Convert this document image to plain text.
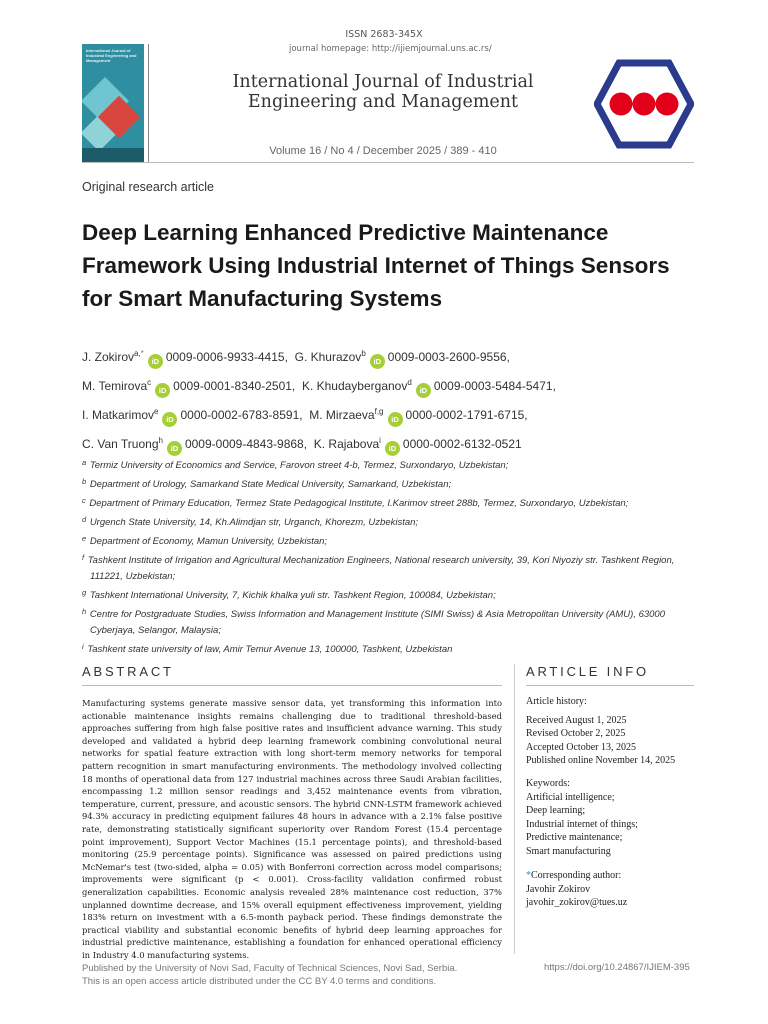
ISSN 2683-345X
International Journal of Industrial Engineering and Management
journal homepage: http://ijiemjournal.uns.ac.rs/
International Journal of Industrial
Engineering and Management
Volume 16 / No 4 / December 2025 / 389 - 410
Original research article
Deep Learning Enhanced Predictive Maintenance Framework Using Industrial Internet of Things Sensors for Smart Manufacturing Systems
J. Zokirov$^{a,*}$iD 0009-0006-9933-4415,  G. Khurazov$^b$iD 0009-0003-2600-9556,
M. Temirova$^c$iD 0009-0001-8340-2501,  K. Khudayberganov$^d$iD 0009-0003-5484-5471,
I. Matkarimov$^e$iD 0000-0002-6783-8591,  M. Mirzaeva$^{f,g}$iD 0000-0002-1791-6715,
C. Van Truong$^h$iD 0009-0009-4843-9868,  K. Rajabova$^i$iD 0000-0002-6132-0521
$^a$ Termiz University of Economics and Service, Farovon street 4-b, Termez, Surxondaryo, Uzbekistan;
$^b$ Department of Urology, Samarkand State Medical University, Samarkand, Uzbekistan;
$^c$ Department of Primary Education, Termez State Pedagogical Institute, I.Karimov street 288b, Termez, Surxondaryo, Uzbekistan;
$^d$ Urgench State University, 14, Kh.Alimdjan str, Urganch, Khorezm, Uzbekistan;
$^e$ Department of Economy, Mamun University, Uzbekistan;
$^f$ Tashkent Institute of Irrigation and Agricultural Mechanization Engineers, National research university, 39, Kori Niyoziy str. Tashkent Region, 111221, Uzbekistan;
$^g$ Tashkent International University, 7, Kichik khalka yuli str. Tashkent Region, 100084, Uzbekistan;
$^h$ Centre for Postgraduate Studies, Swiss Information and Management Institute (SIMI Swiss) & Asia Metropolitan University (AMU), 63000 Cyberjaya, Selangor, Malaysia;
$^i$ Tashkent state university of law, Amir Temur Avenue 13, 100000, Tashkent, Uzbekistan
ABSTRACT	ARTICLE INFO

Manufacturing systems generate massive sensor data, yet transforming this information into actionable maintenance insights remains challenging due to traditional threshold-based approaches suffering from high false positive rates and insufficient advance warning. This study developed and validated a hybrid deep learning framework combining convolutional neural networks for spatial feature extraction with long short-term memory networks for temporal pattern recognition in smart manufacturing environments. The methodology involved collecting 18 months of operational data from 127 industrial machines across three Saudi Arabian facilities, encompassing 1.2 million sensor readings and 3,452 maintenance events from vibration, temperature, current, pressure, and acoustic sensors. The hybrid CNN-LSTM framework achieved 94.3% accuracy in predicting equipment failures 48 hours in advance with a 2.1% false positive rate, demonstrating statistically significant superiority over Random Forest (15.4 percentage point improvement), Support Vector Machines (15.1 percentage points), and threshold-based monitoring (25.9 percentage points). Significance was assessed on paired predictions using McNemar's test (two-sided, alpha = 0.05) with Bonferroni correction across model comparisons; improvements were significant (p < 0.001). Cross-facility validation confirmed robust generalization capabilities. Economic analysis revealed 28% maintenance cost reduction, 37% unplanned downtime decrease, and 15% overall equipment effectiveness improvement, yielding 183% return on investment with a 6.5-month payback period. These findings demonstrate the practical viability and substantial economic benefits of hybrid deep learning approaches for industrial predictive maintenance, establishing a foundation for enhanced operational efficiency in Industry 4.0 manufacturing systems.

Article history:
Received August 1, 2025
Revised October 2, 2025
Accepted October 13, 2025
Published online November 14, 2025
Keywords:
Artificial intelligence;
Deep learning;
Industrial internet of things;
Predictive maintenance;
Smart manufacturing
*Corresponding author:
Javohir Zokirov
javohir_zokirov@tues.uz
Published by the University of Novi Sad, Faculty of Technical Sciences, Novi Sad, Serbia.
This is an open access article distributed under the CC BY 4.0 terms and conditions.
https://doi.org/10.24867/IJIEM-395
